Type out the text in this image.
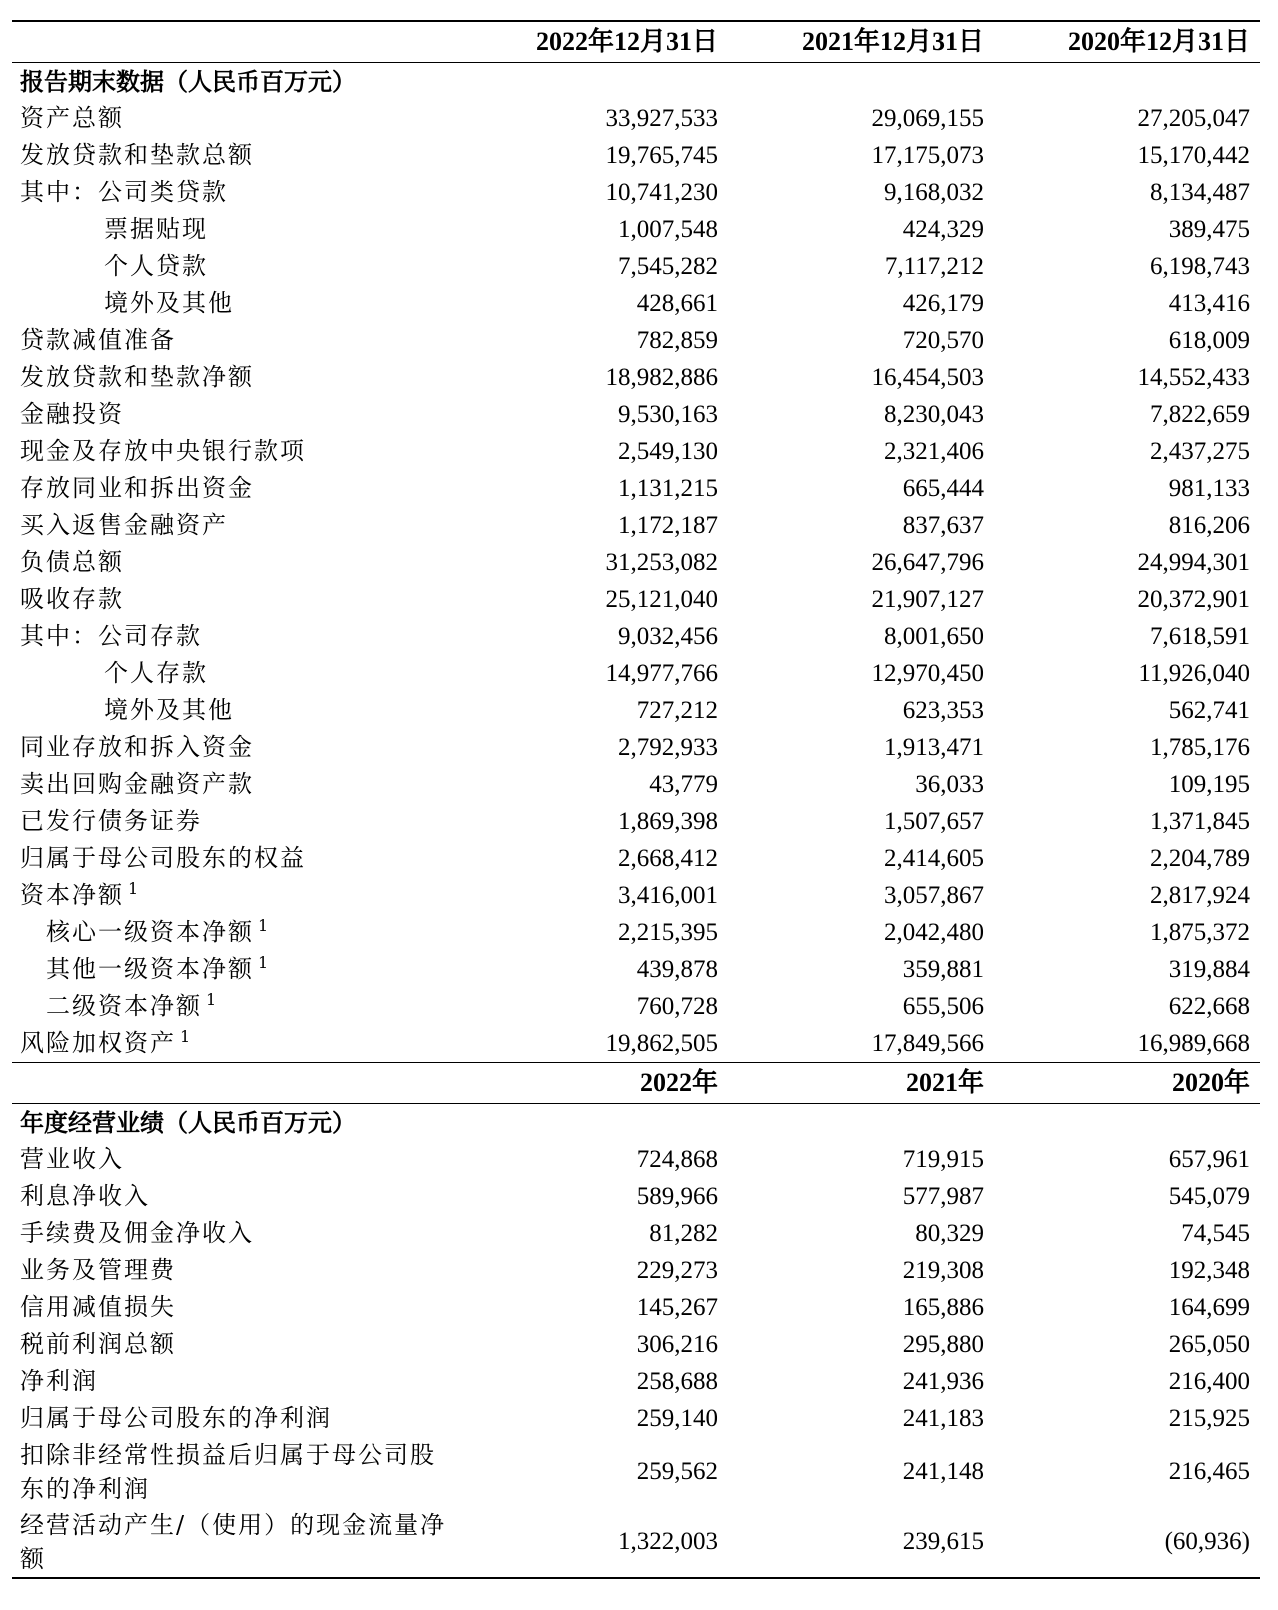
	2022年12月31日	2021年12月31日	2020年12月31日
报告期末数据（人民币百万元）			
资产总额	33,927,533	29,069,155	27,205,047
发放贷款和垫款总额	19,765,745	17,175,073	15,170,442
其中：公司类贷款	10,741,230	9,168,032	8,134,487
票据贴现	1,007,548	424,329	389,475
个人贷款	7,545,282	7,117,212	6,198,743
境外及其他	428,661	426,179	413,416
贷款减值准备	782,859	720,570	618,009
发放贷款和垫款净额	18,982,886	16,454,503	14,552,433
金融投资	9,530,163	8,230,043	7,822,659
现金及存放中央银行款项	2,549,130	2,321,406	2,437,275
存放同业和拆出资金	1,131,215	665,444	981,133
买入返售金融资产	1,172,187	837,637	816,206
负债总额	31,253,082	26,647,796	24,994,301
吸收存款	25,121,040	21,907,127	20,372,901
其中：公司存款	9,032,456	8,001,650	7,618,591
个人存款	14,977,766	12,970,450	11,926,040
境外及其他	727,212	623,353	562,741
同业存放和拆入资金	2,792,933	1,913,471	1,785,176
卖出回购金融资产款	43,779	36,033	109,195
已发行债务证券	1,869,398	1,507,657	1,371,845
归属于母公司股东的权益	2,668,412	2,414,605	2,204,789
资本净额 $^1$	3,416,001	3,057,867	2,817,924
核心一级资本净额 $^1$	2,215,395	2,042,480	1,875,372
其他一级资本净额 $^1$	439,878	359,881	319,884
二级资本净额 $^1$	760,728	655,506	622,668
风险加权资产 $^1$	19,862,505	17,849,566	16,989,668
	2022年	2021年	2020年
年度经营业绩（人民币百万元）			
营业收入	724,868	719,915	657,961
利息净收入	589,966	577,987	545,079
手续费及佣金净收入	81,282	80,329	74,545
业务及管理费	229,273	219,308	192,348
信用减值损失	145,267	165,886	164,699
税前利润总额	306,216	295,880	265,050
净利润	258,688	241,936	216,400
归属于母公司股东的净利润	259,140	241,183	215,925
扣除非经常性损益后归属于母公司股东的净利润	259,562	241,148	216,465
经营活动产生/（使用）的现金流量净额	1,322,003	239,615	(60,936)
